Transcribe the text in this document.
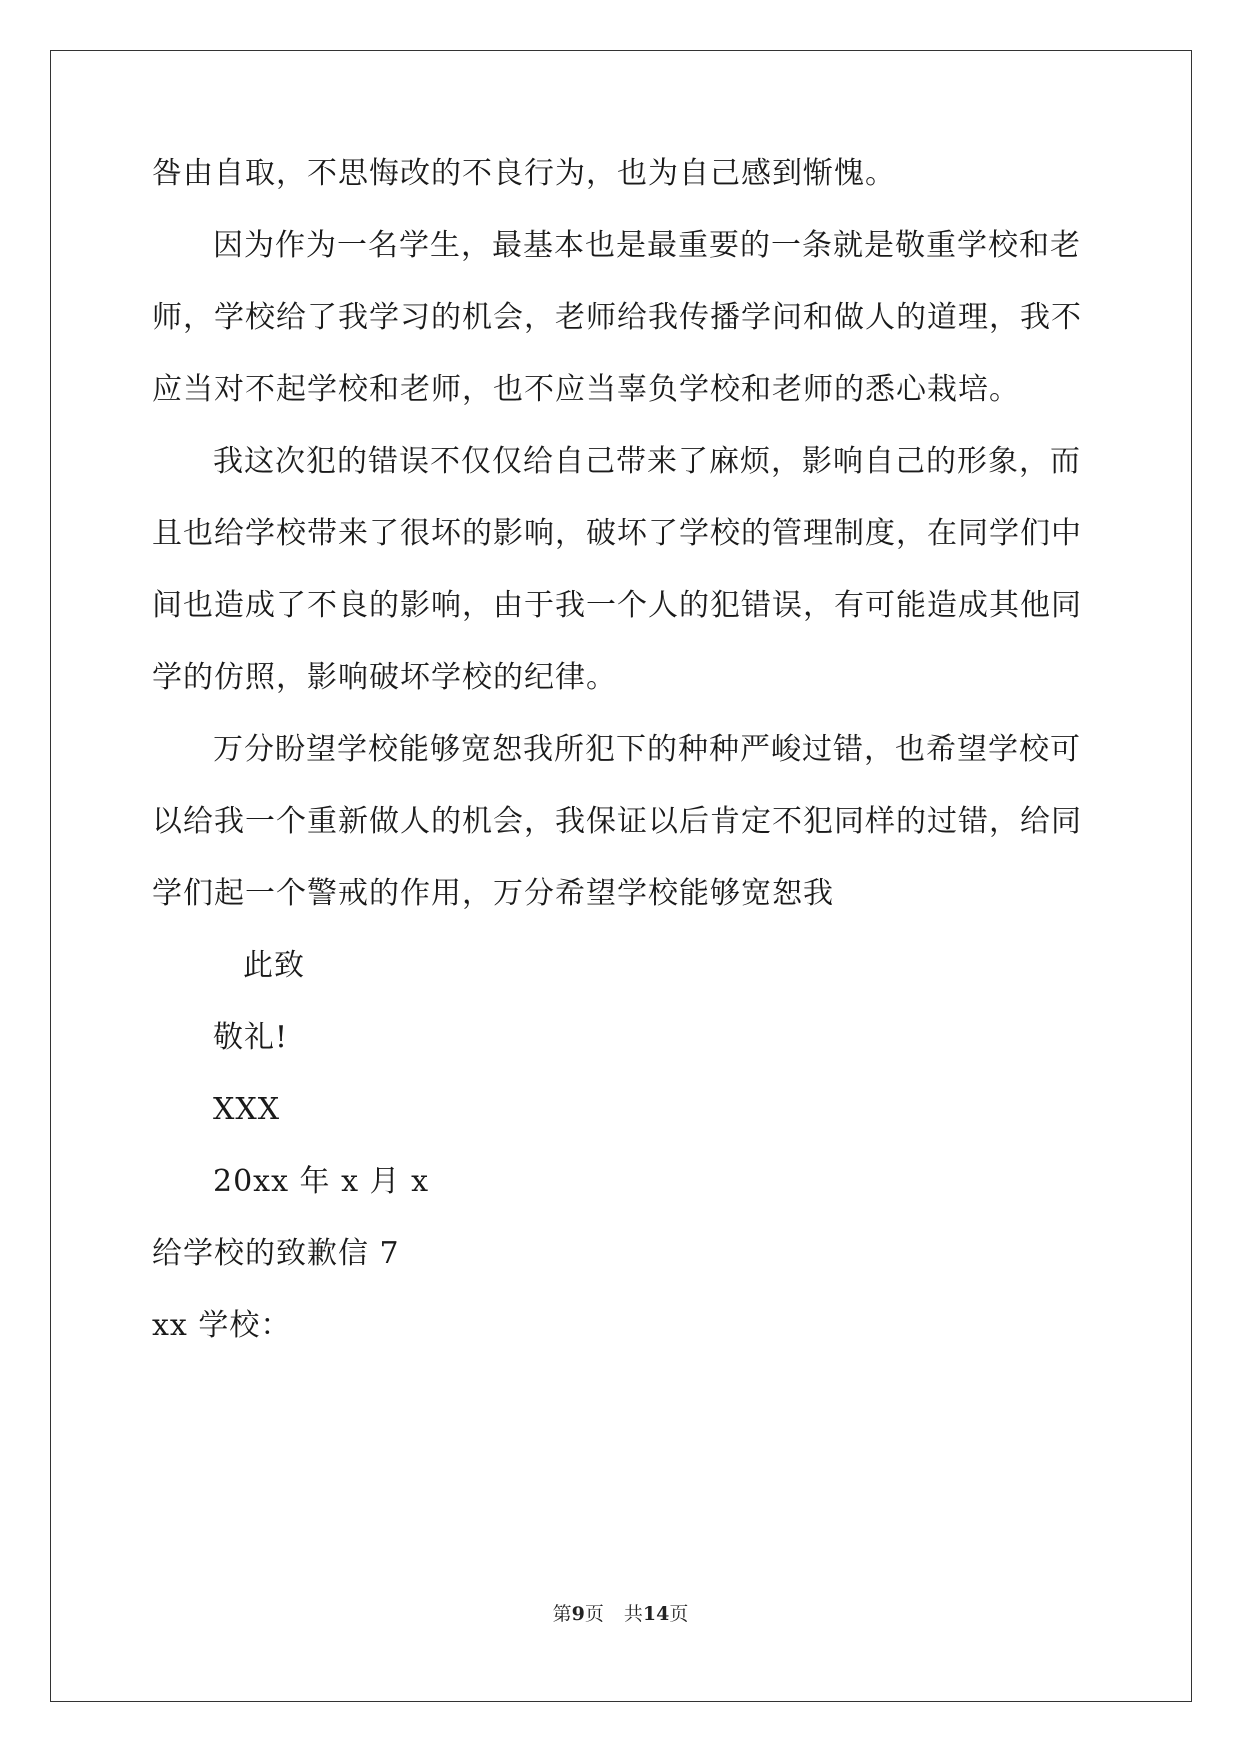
咎由自取，不思悔改的不良行为，也为自己感到惭愧。
因为作为一名学生，最基本也是最重要的一条就是敬重学校和老
师，学校给了我学习的机会，老师给我传播学问和做人的道理，我不
应当对不起学校和老师，也不应当辜负学校和老师的悉心栽培。
我这次犯的错误不仅仅给自己带来了麻烦，影响自己的形象，而
且也给学校带来了很坏的影响，破坏了学校的管理制度，在同学们中
间也造成了不良的影响，由于我一个人的犯错误，有可能造成其他同
学的仿照，影响破坏学校的纪律。
万分盼望学校能够宽恕我所犯下的种种严峻过错，也希望学校可
以给我一个重新做人的机会，我保证以后肯定不犯同样的过错，给同
学们起一个警戒的作用，万分希望学校能够宽恕我
此致
敬礼!
XXX
20xx 年 x 月 x
给学校的致歉信 7
xx 学校：
第9页 共14页
